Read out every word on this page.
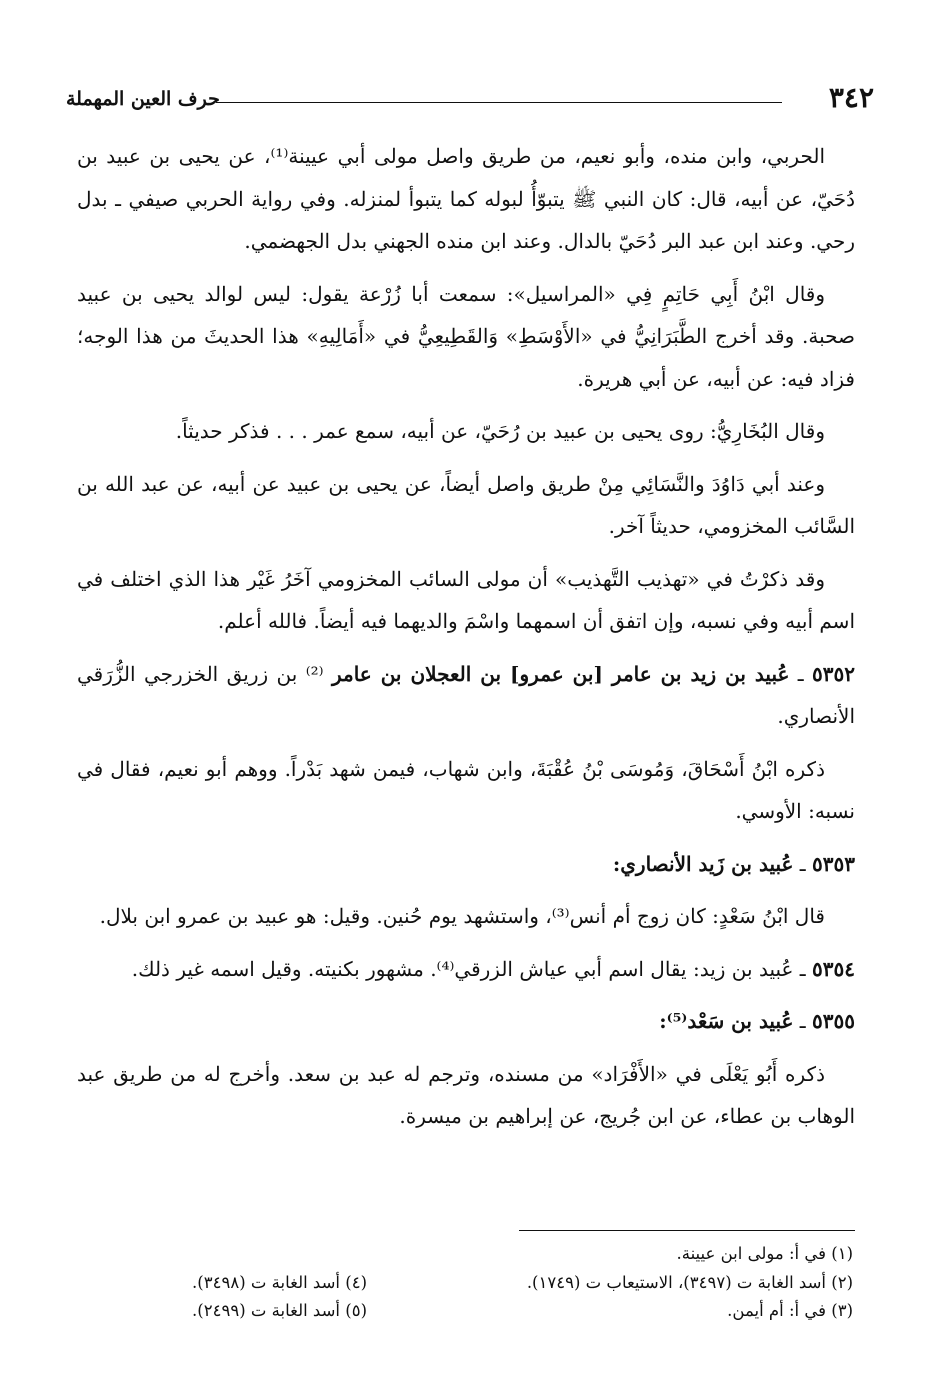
٣٤٢
حرف العين المهملة

الحربي، وابن منده، وأبو نعيم، من طريق واصل مولى أبي عيينة⁽¹⁾، عن يحيى بن عبيد بن دُحَيّ، عن أبيه، قال: كان النبي ﷺ يتبوّأُ لبوله كما يتبوأ لمنزله. وفي رواية الحربي صيفي ـ بدل رحي. وعند ابن عبد البر دُحَيّ بالدال. وعند ابن منده الجهني بدل الجهضمي.

وقال ابْنُ أَبِي حَاتِمٍ فِي «المراسيل»: سمعت أبا زُرْعة يقول: ليس لوالد يحيى بن عبيد صحبة. وقد أخرج الطَّبَرَانِيُّ في «الأَوْسَطِ» وَالقَطِيعِيُّ في «أَمَالِيهِ» هذا الحديثَ من هذا الوجه؛ فزاد فيه: عن أبيه، عن أبي هريرة.

وقال البُخَارِيُّ: روى يحيى بن عبيد بن رُحَيّ، عن أبيه، سمع عمر . . . فذكر حديثاً.

وعند أبي دَاوُدَ والنَّسَائِي مِنْ طريق واصل أيضاً، عن يحيى بن عبيد عن أبيه، عن عبد الله بن السَّائب المخزومي، حديثاً آخر.

وقد ذكرْتُ في «تهذيب التَّهذيب» أن مولى السائب المخزومي آخَرُ غَيْر هذا الذي اختلف في اسم أبيه وفي نسبه، وإن اتفق أن اسمهما واسْمَ والديهما فيه أيضاً. فالله أعلم.

٥٣٥٢ ـ عُبيد بن زيد بن عامر [بن عمرو] بن العجلان بن عامر ⁽²⁾ بن زريق الخزرجي الزُّرَقي الأنصاري.

ذكره ابْنُ أَسْحَاقَ، وَمُوسَى بْنُ عُقْبَةَ، وابن شهاب، فيمن شهد بَدْراً. ووهم أبو نعيم، فقال في نسبه: الأوسي.

٥٣٥٣ ـ عُبيد بن زَيد الأنصاري:

قال ابْنُ سَعْدٍ: كان زوج أم أنس⁽³⁾، واستشهد يوم حُنين. وقيل: هو عبيد بن عمرو ابن بلال.

٥٣٥٤ ـ عُبيد بن زيد: يقال اسم أبي عياش الزرقي⁽⁴⁾. مشهور بكنيته. وقيل اسمه غير ذلك.

٥٣٥٥ ـ عُبيد بن سَعْد⁽⁵⁾:

ذكره أَبُو يَعْلَى في «الأَفْرَاد» من مسنده، وترجم له عبد بن سعد. وأخرج له من طريق عبد الوهاب بن عطاء، عن ابن جُريج، عن إبراهيم بن ميسرة.

(١) في أ: مولى ابن عيينة.
(٢) أسد الغابة ت (٣٤٩٧)، الاستيعاب ت (١٧٤٩).
(٣) في أ: أم أيمن.
(٤) أسد الغابة ت (٣٤٩٨).
(٥) أسد الغابة ت (٢٤٩٩).
